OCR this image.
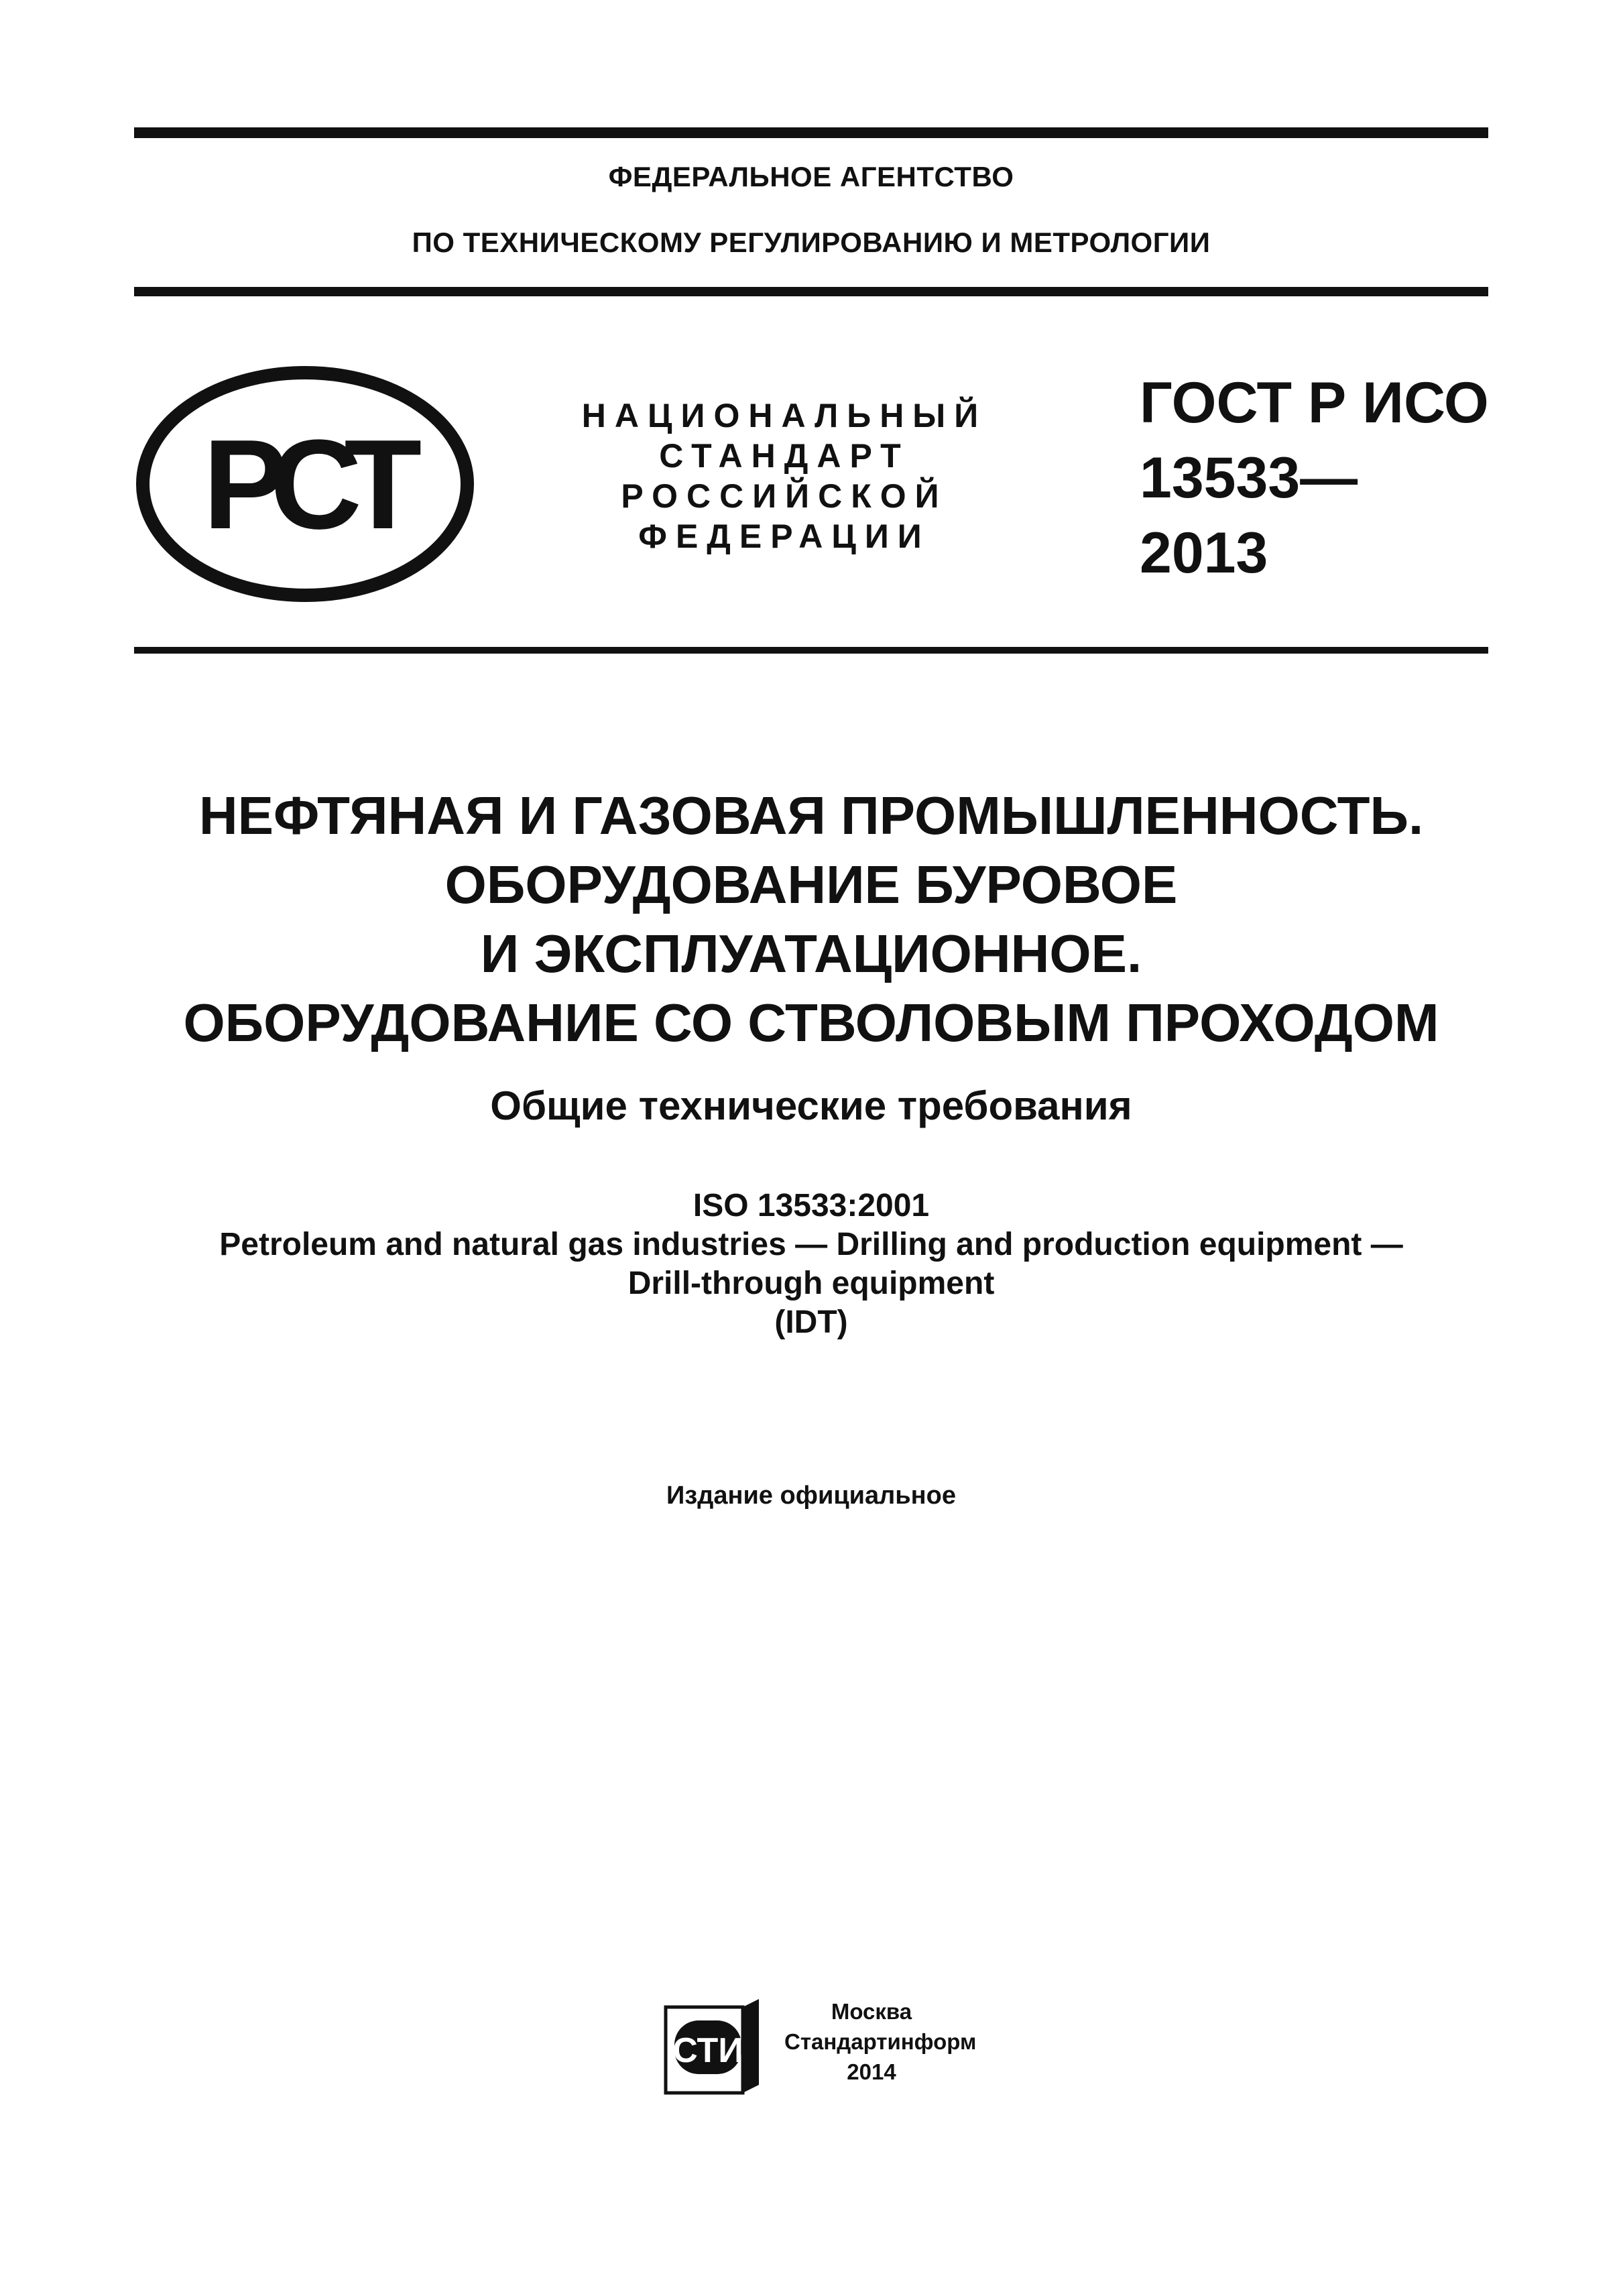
ФЕДЕРАЛЬНОЕ АГЕНТСТВО
ПО ТЕХНИЧЕСКОМУ РЕГУЛИРОВАНИЮ И МЕТРОЛОГИИ
РСТ	НАЦИОНАЛЬНЫЙ
СТАНДАРТ
РОССИЙСКОЙ
ФЕДЕРАЦИИ
ГОСТ Р ИСО
13533—
2013
НЕФТЯНАЯ И ГАЗОВАЯ ПРОМЫШЛЕННОСТЬ.
ОБОРУДОВАНИЕ БУРОВОЕ
И ЭКСПЛУАТАЦИОННОЕ.
ОБОРУДОВАНИЕ СО СТВОЛОВЫМ ПРОХОДОМ
Общие технические требования
ISO 13533:2001
Petroleum and natural gas industries — Drilling and production equipment —
Drill-through equipment
(IDT)
Издание официальное
СТИ
Москва
Стандартинформ
2014
